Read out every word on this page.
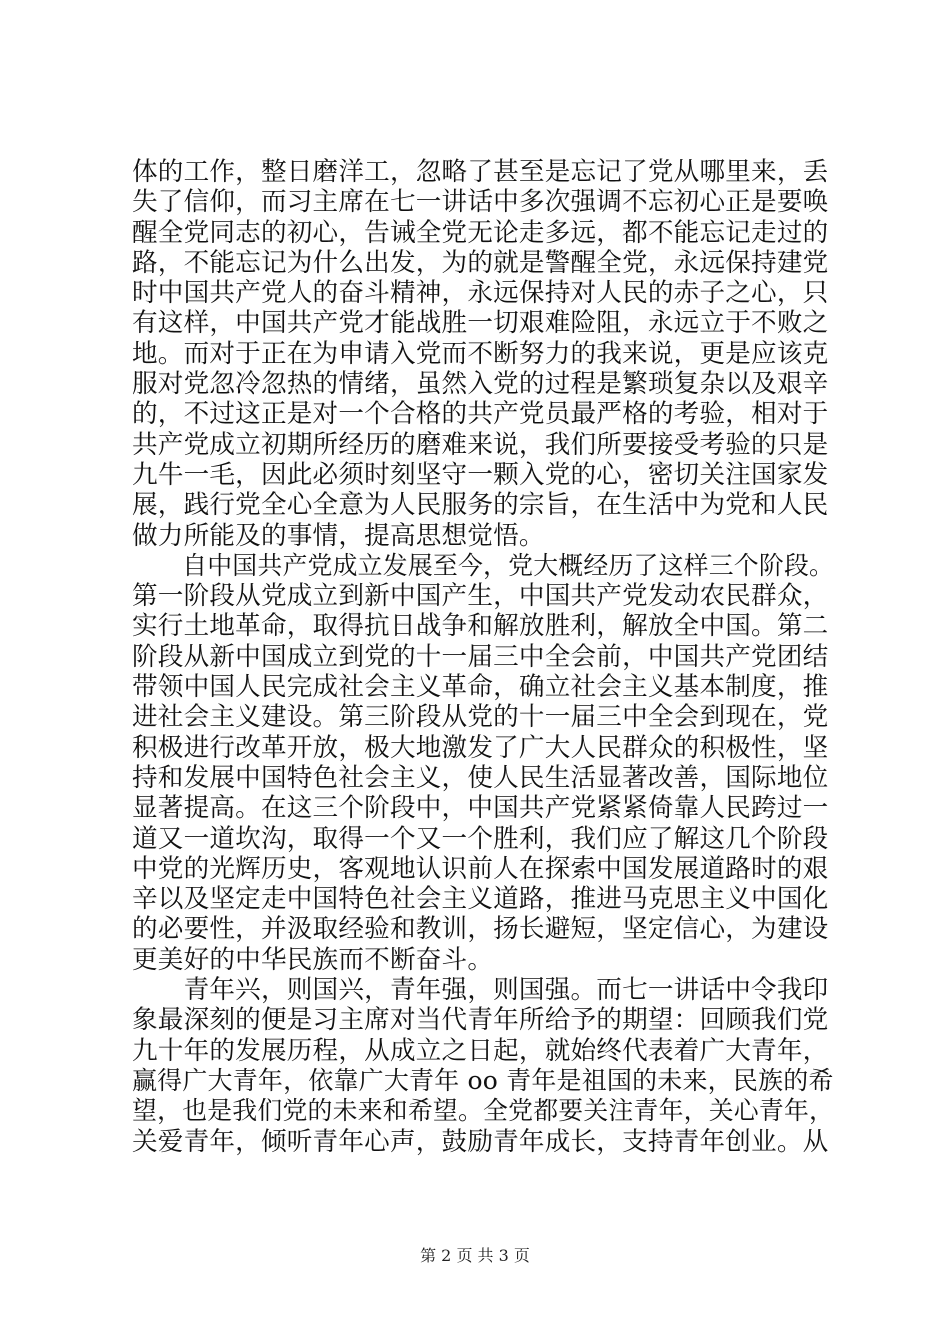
体的工作，整日磨洋工，忽略了甚至是忘记了党从哪里来，丢
失了信仰，而习主席在七一讲话中多次强调不忘初心正是要唤
醒全党同志的初心，告诫全党无论走多远，都不能忘记走过的
路，不能忘记为什么出发，为的就是警醒全党，永远保持建党
时中国共产党人的奋斗精神，永远保持对人民的赤子之心，只
有这样，中国共产党才能战胜一切艰难险阻，永远立于不败之
地。而对于正在为申请入党而不断努力的我来说，更是应该克
服对党忽冷忽热的情绪，虽然入党的过程是繁琐复杂以及艰辛
的，不过这正是对一个合格的共产党员最严格的考验，相对于
共产党成立初期所经历的磨难来说，我们所要接受考验的只是
九牛一毛，因此必须时刻坚守一颗入党的心，密切关注国家发
展，践行党全心全意为人民服务的宗旨，在生活中为党和人民
做力所能及的事情，提高思想觉悟。
　　自中国共产党成立发展至今，党大概经历了这样三个阶段。
第一阶段从党成立到新中国产生，中国共产党发动农民群众，
实行土地革命，取得抗日战争和解放胜利，解放全中国。第二
阶段从新中国成立到党的十一届三中全会前，中国共产党团结
带领中国人民完成社会主义革命，确立社会主义基本制度，推
进社会主义建设。第三阶段从党的十一届三中全会到现在，党
积极进行改革开放，极大地激发了广大人民群众的积极性，坚
持和发展中国特色社会主义，使人民生活显著改善，国际地位
显著提高。在这三个阶段中，中国共产党紧紧倚靠人民跨过一
道又一道坎沟，取得一个又一个胜利，我们应了解这几个阶段
中党的光辉历史，客观地认识前人在探索中国发展道路时的艰
辛以及坚定走中国特色社会主义道路，推进马克思主义中国化
的必要性，并汲取经验和教训，扬长避短，坚定信心，为建设
更美好的中华民族而不断奋斗。
　　青年兴，则国兴，青年强，则国强。而七一讲话中令我印
象最深刻的便是习主席对当代青年所给予的期望：回顾我们党
九十年的发展历程，从成立之日起，就始终代表着广大青年，
赢得广大青年，依靠广大青年 oo 青年是祖国的未来，民族的希
望，也是我们党的未来和希望。全党都要关注青年，关心青年，
关爱青年，倾听青年心声，鼓励青年成长，支持青年创业。从
第 2 页 共 3 页
